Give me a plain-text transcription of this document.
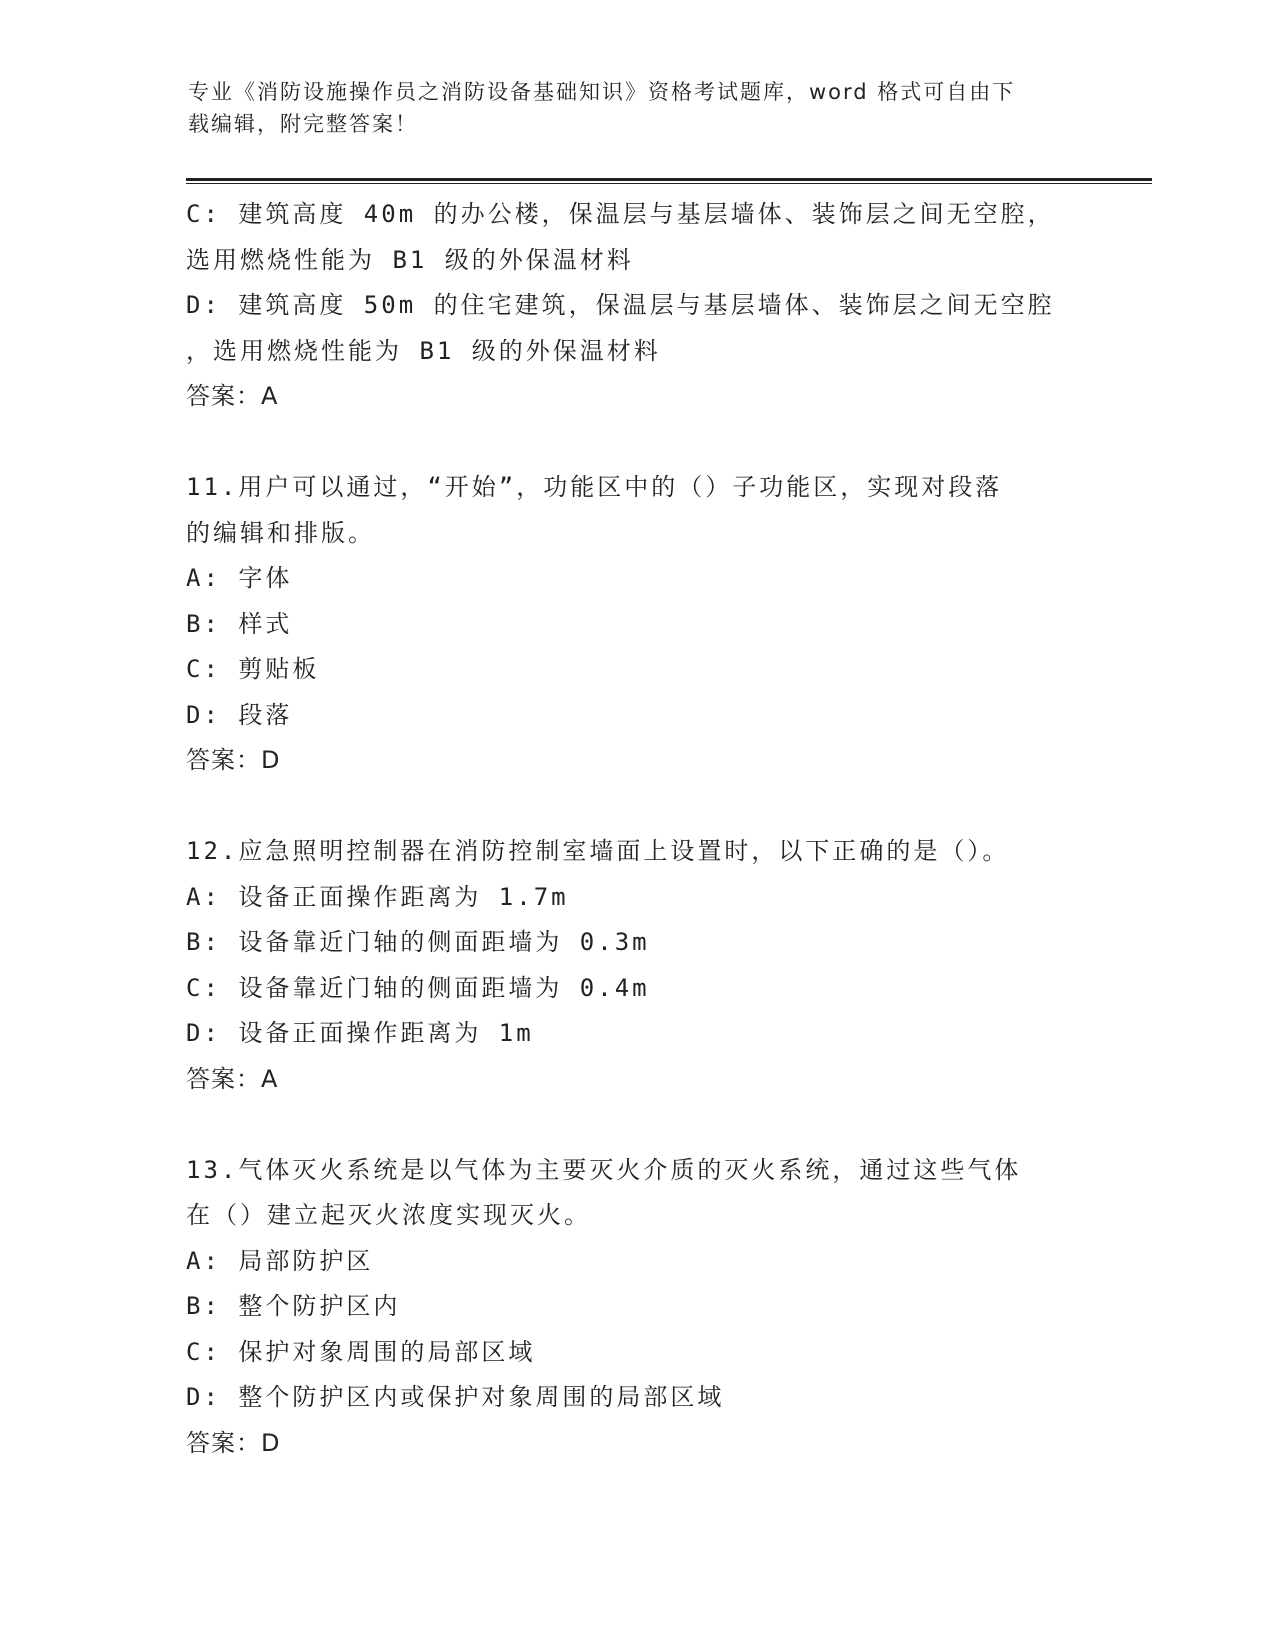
专业《消防设施操作员之消防设备基础知识》资格考试题库，word 格式可自由下
载编辑，附完整答案！
C: 建筑高度 40m 的办公楼，保温层与基层墙体、装饰层之间无空腔，
选用燃烧性能为 B1 级的外保温材料
D: 建筑高度 50m 的住宅建筑，保温层与基层墙体、装饰层之间无空腔
，选用燃烧性能为 B1 级的外保温材料
答案：A
11.用户可以通过，“开始”，功能区中的（）子功能区，实现对段落
的编辑和排版。
A: 字体
B: 样式
C: 剪贴板
D: 段落
答案：D
12.应急照明控制器在消防控制室墙面上设置时，以下正确的是（）。
A: 设备正面操作距离为 1.7m
B: 设备靠近门轴的侧面距墙为 0.3m
C: 设备靠近门轴的侧面距墙为 0.4m
D: 设备正面操作距离为 1m
答案：A
13.气体灭火系统是以气体为主要灭火介质的灭火系统，通过这些气体
在（）建立起灭火浓度实现灭火。
A: 局部防护区
B: 整个防护区内
C: 保护对象周围的局部区域
D: 整个防护区内或保护对象周围的局部区域
答案：D
